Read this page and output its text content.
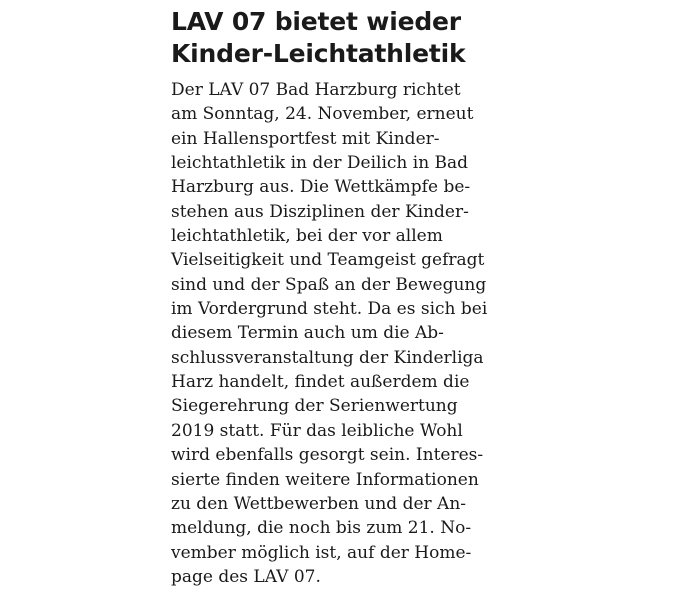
LAV 07 bietet wieder
Kinder-Leichtathletik
Der LAV 07 Bad Harzburg richtet
am Sonntag, 24. November, erneut
ein Hallensportfest mit Kinder-
leichtathletik in der Deilich in Bad
Harzburg aus. Die Wettkämpfe be-
stehen aus Disziplinen der Kinder-
leichtathletik, bei der vor allem
Vielseitigkeit und Teamgeist gefragt
sind und der Spaß an der Bewegung
im Vordergrund steht. Da es sich bei
diesem Termin auch um die Ab-
schlussveranstaltung der Kinderliga
Harz handelt, findet außerdem die
Siegerehrung der Serienwertung
2019 statt. Für das leibliche Wohl
wird ebenfalls gesorgt sein. Interes-
sierte finden weitere Informationen
zu den Wettbewerben und der An-
meldung, die noch bis zum 21. No-
vember möglich ist, auf der Home-
page des LAV 07.
